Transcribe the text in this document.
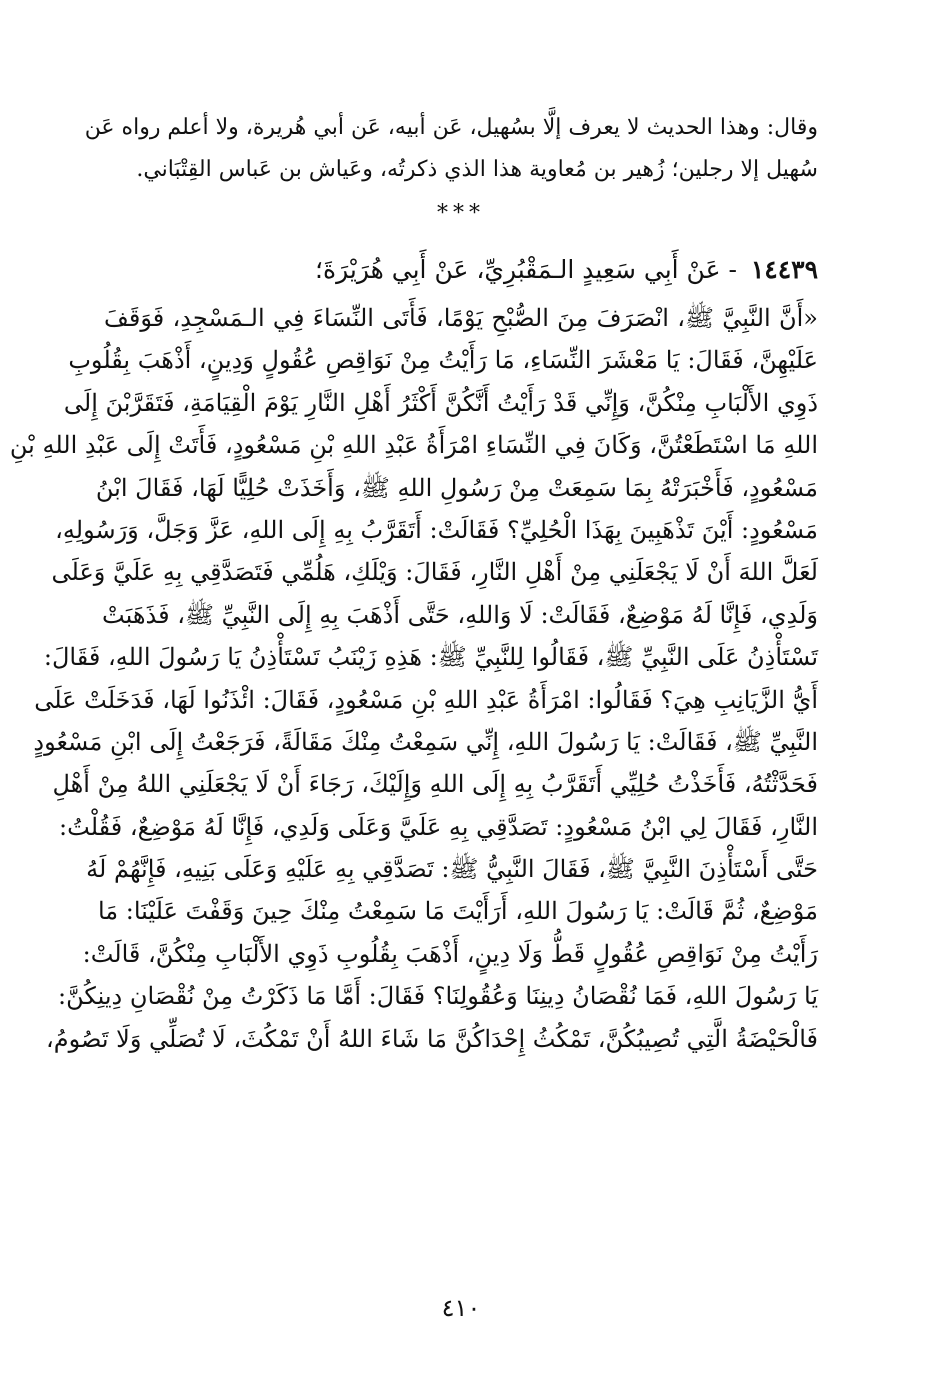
وقال: وهذا الحديث لا يعرف إلَّا بسُهيل، عَن أبيه، عَن أبي هُريرة، ولا أعلم رواه عَن
سُهيل إلا رجلين؛ زُهير بن مُعاوية هذا الذي ذكرتُه، وعَياش بن عَباس القِتْبَاني.
***
١٤٤٣٩ - عَنْ أَبِي سَعِيدٍ الـمَقْبُرِيِّ، عَنْ أَبِي هُرَيْرَةَ؛
«أَنَّ النَّبِيَّ ﷺ، انْصَرَفَ مِنَ الصُّبْحِ يَوْمًا، فَأَتَى النِّسَاءَ فِي الـمَسْجِدِ، فَوَقَفَ
عَلَيْهِنَّ، فَقَالَ: يَا مَعْشَرَ النِّسَاءِ، مَا رَأَيْتُ مِنْ نَوَاقِصِ عُقُولٍ وَدِينٍ، أَذْهَبَ بِقُلُوبِ
ذَوِي الأَلْبَابِ مِنْكُنَّ، وَإِنِّي قَدْ رَأَيْتُ أَنَّكُنَّ أَكْثَرُ أَهْلِ النَّارِ يَوْمَ الْقِيَامَةِ، فَتَقَرَّبْنَ إِلَى
اللهِ مَا اسْتَطَعْتُنَّ، وَكَانَ فِي النِّسَاءِ امْرَأَةُ عَبْدِ اللهِ بْنِ مَسْعُودٍ، فَأَتَتْ إِلَى عَبْدِ اللهِ بْنِ
مَسْعُودٍ، فَأَخْبَرَتْهُ بِمَا سَمِعَتْ مِنْ رَسُولِ اللهِ ﷺ، وَأَخَذَتْ حُلِيًّا لَهَا، فَقَالَ ابْنُ
مَسْعُودٍ: أَيْنَ تَذْهَبِينَ بِهَذَا الْحُلِيِّ؟ فَقَالَتْ: أَتَقَرَّبُ بِهِ إِلَى اللهِ، عَزَّ وَجَلَّ، وَرَسُولِهِ،
لَعَلَّ اللهَ أَنْ لَا يَجْعَلَنِي مِنْ أَهْلِ النَّارِ، فَقَالَ: وَيْلَكِ، هَلُمِّي فَتَصَدَّقِي بِهِ عَلَيَّ وَعَلَى
وَلَدِي، فَإِنَّا لَهُ مَوْضِعٌ، فَقَالَتْ: لَا وَاللهِ، حَتَّى أَذْهَبَ بِهِ إِلَى النَّبِيِّ ﷺ، فَذَهَبَتْ
تَسْتَأْذِنُ عَلَى النَّبِيِّ ﷺ، فَقَالُوا لِلنَّبِيِّ ﷺ: هَذِهِ زَيْنَبُ تَسْتَأْذِنُ يَا رَسُولَ اللهِ، فَقَالَ:
أَيُّ الزَّيَانِبِ هِيَ؟ فَقَالُوا: امْرَأَةُ عَبْدِ اللهِ بْنِ مَسْعُودٍ، فَقَالَ: ائْذَنُوا لَهَا، فَدَخَلَتْ عَلَى
النَّبِيِّ ﷺ، فَقَالَتْ: يَا رَسُولَ اللهِ، إِنِّي سَمِعْتُ مِنْكَ مَقَالَةً، فَرَجَعْتُ إِلَى ابْنِ مَسْعُودٍ
فَحَدَّثْتُهُ، فَأَخَذْتُ حُلِيِّي أَتَقَرَّبُ بِهِ إِلَى اللهِ وَإِلَيْكَ، رَجَاءَ أَنْ لَا يَجْعَلَنِي اللهُ مِنْ أَهْلِ
النَّارِ، فَقَالَ لِي ابْنُ مَسْعُودٍ: تَصَدَّقِي بِهِ عَلَيَّ وَعَلَى وَلَدِي، فَإِنَّا لَهُ مَوْضِعٌ، فَقُلْتُ:
حَتَّى أَسْتَأْذِنَ النَّبِيَّ ﷺ، فَقَالَ النَّبِيُّ ﷺ: تَصَدَّقِي بِهِ عَلَيْهِ وَعَلَى بَنِيهِ، فَإِنَّهُمْ لَهُ
مَوْضِعٌ، ثُمَّ قَالَتْ: يَا رَسُولَ اللهِ، أَرَأَيْتَ مَا سَمِعْتُ مِنْكَ حِينَ وَقَفْتَ عَلَيْنَا: مَا
رَأَيْتُ مِنْ نَوَاقِصِ عُقُولٍ قَطُّ وَلَا دِينٍ، أَذْهَبَ بِقُلُوبِ ذَوِي الأَلْبَابِ مِنْكُنَّ، قَالَتْ:
يَا رَسُولَ اللهِ، فَمَا نُقْصَانُ دِينِنَا وَعُقُولِنَا؟ فَقَالَ: أَمَّا مَا ذَكَرْتُ مِنْ نُقْصَانِ دِينِكُنَّ:
فَالْحَيْضَةُ الَّتِي تُصِيبُكُنَّ، تَمْكُثُ إِحْدَاكُنَّ مَا شَاءَ اللهُ أَنْ تَمْكُثَ، لَا تُصَلِّي وَلَا تَصُومُ،
٤١٠
